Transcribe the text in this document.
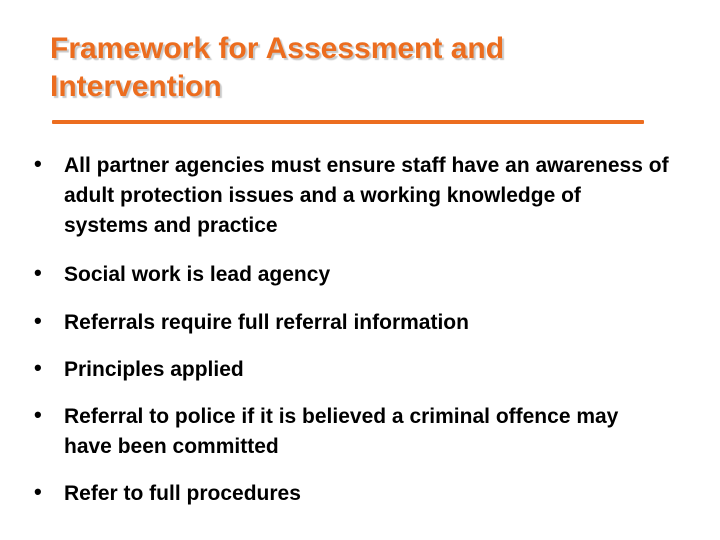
Framework for Assessment and Intervention
• All partner agencies must ensure staff have an awareness of adult protection issues and a working knowledge of systems and practice
• Social work is lead agency
• Referrals require full referral information
• Principles applied
• Referral to police if it is believed a criminal offence may have been committed
• Refer to full procedures
